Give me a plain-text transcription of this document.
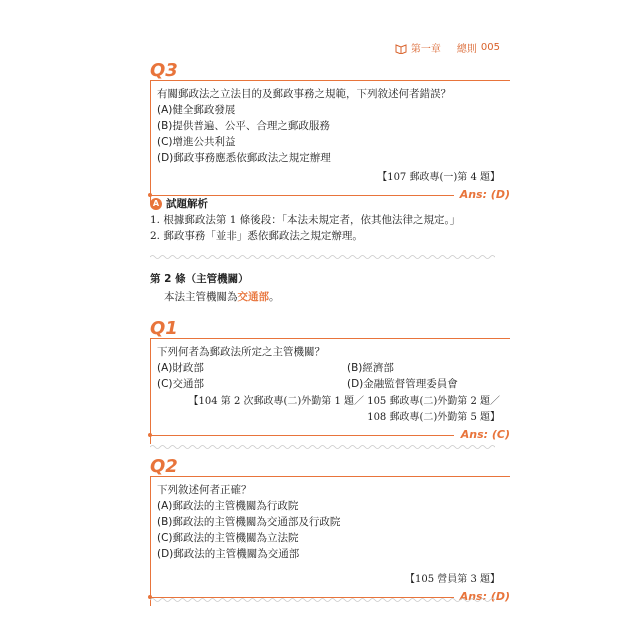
第一章 總則 005
Q3
有關郵政法之立法目的及郵政事務之規範，下列敘述何者錯誤？
(A)健全郵政發展
(B)提供普遍、公平、合理之郵政服務
(C)增進公共利益
(D)郵政事務應悉依郵政法之規定辦理
【107 郵政專(一)第 4 題】
Ans: (D)
A 試題解析
1. 根據郵政法第 1 條後段：「本法未規定者，依其他法律之規定。」
2. 郵政事務「並非」悉依郵政法之規定辦理。
第 2 條（主管機關）
本法主管機關為交通部。
Q1
下列何者為郵政法所定之主管機關？
(A)財政部	(B)經濟部
(C)交通部	(D)金融監督管理委員會
【104 第 2 次郵政專(二)外勤第 1 題／ 105 郵政專(二)外勤第 2 題／
108 郵政專(二)外勤第 5 題】
Ans: (C)
Q2
下列敘述何者正確？
(A)郵政法的主管機關為行政院
(B)郵政法的主管機關為交通部及行政院
(C)郵政法的主管機關為立法院
(D)郵政法的主管機關為交通部
【105 營員第 3 題】
Ans: (D)
